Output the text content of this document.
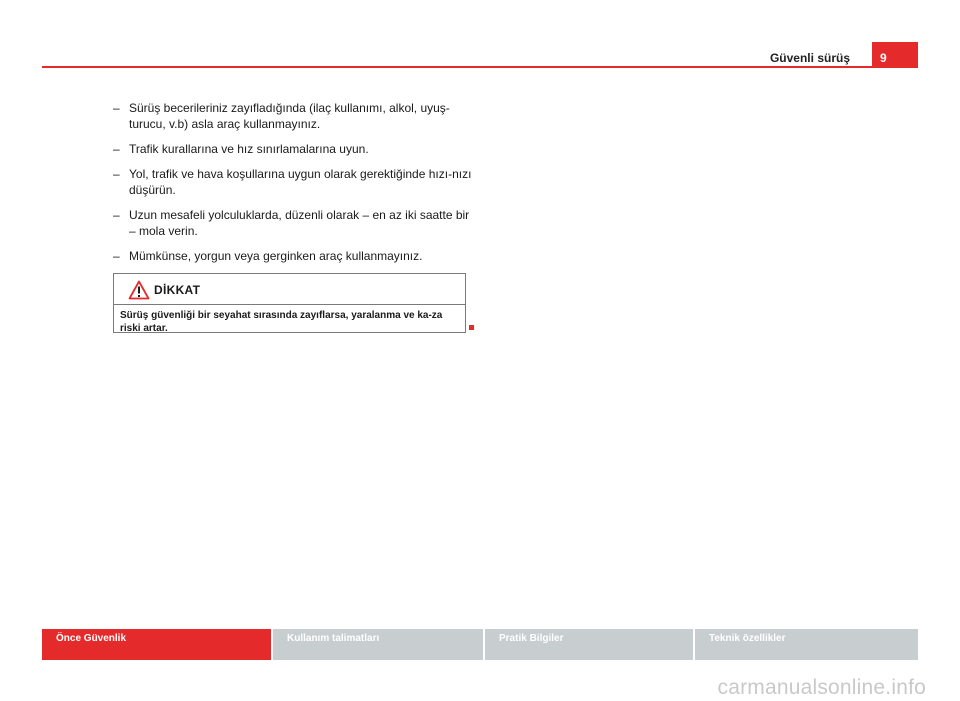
Güvenli sürüş	9
– Sürüş becerileriniz zayıfladığında (ilaç kullanımı, alkol, uyuş-turucu, v.b) asla araç kullanmayınız.
– Trafik kurallarına ve hız sınırlamalarına uyun.
– Yol, trafik ve hava koşullarına uygun olarak gerektiğinde hızı-nızı düşürün.
– Uzun mesafeli yolculuklarda, düzenli olarak – en az iki saatte bir – mola verin.
– Mümkünse, yorgun veya gerginken araç kullanmayınız.
DİKKAT
Sürüş güvenliği bir seyahat sırasında zayıflarsa, yaralanma ve ka-za riski artar.
Önce Güvenlik	Kullanım talimatları	Pratik Bilgiler	Teknik özellikler
carmanualsonline.info
